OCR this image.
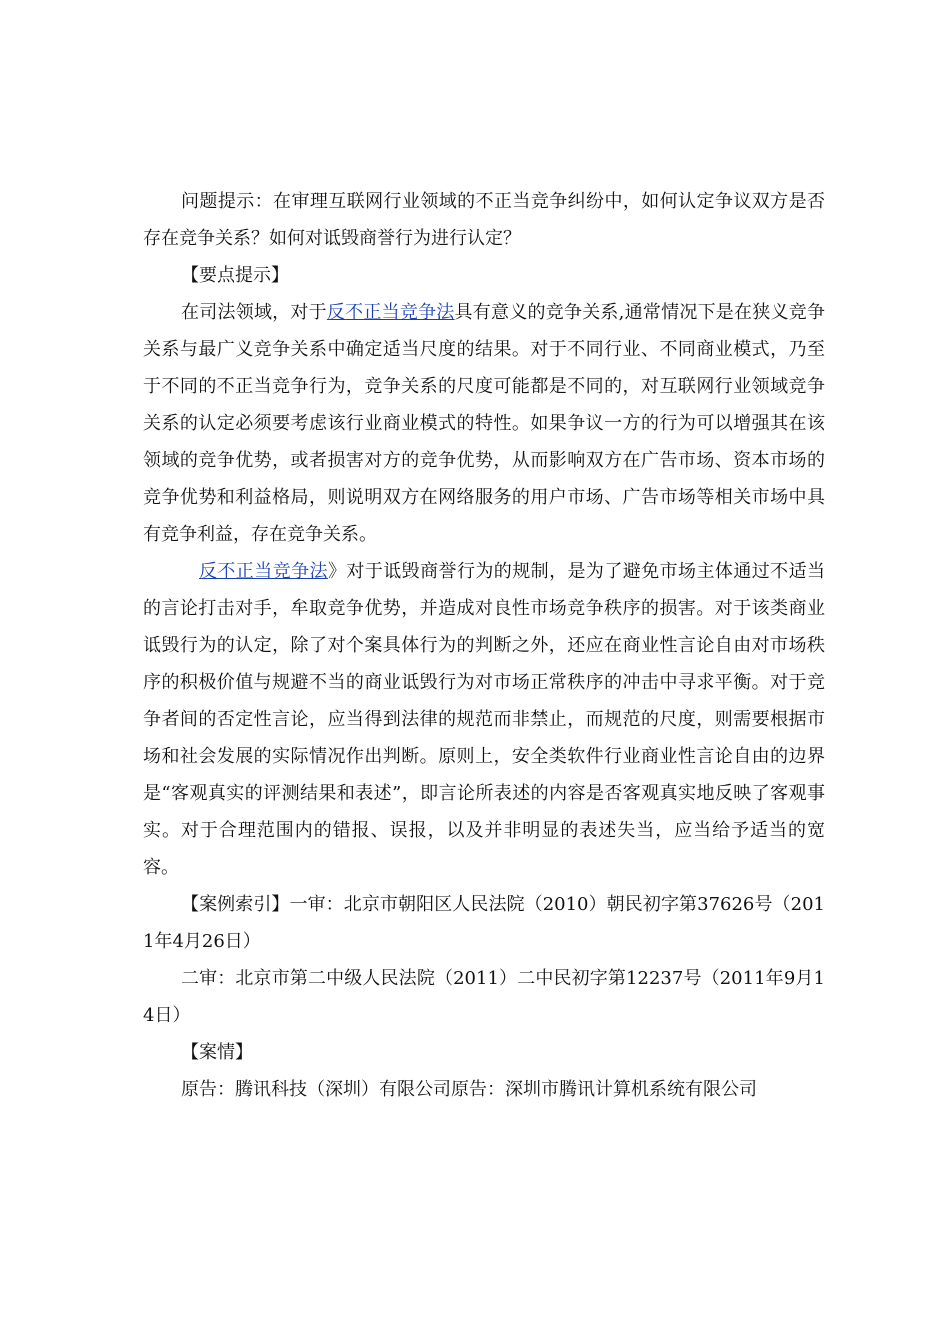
问题提示：在审理互联网行业领域的不正当竞争纠纷中，如何认定争议双方是否存在竞争关系？如何对诋毁商誉行为进行认定？

【要点提示】

在司法领域，对于反不正当竞争法具有意义的竞争关系,通常情况下是在狭义竞争关系与最广义竞争关系中确定适当尺度的结果。对于不同行业、不同商业模式，乃至于不同的不正当竞争行为，竞争关系的尺度可能都是不同的，对互联网行业领域竞争关系的认定必须要考虑该行业商业模式的特性。如果争议一方的行为可以增强其在该领域的竞争优势，或者损害对方的竞争优势，从而影响双方在广告市场、资本市场的竞争优势和利益格局，则说明双方在网络服务的用户市场、广告市场等相关市场中具有竞争利益，存在竞争关系。

反不正当竞争法》对于诋毁商誉行为的规制，是为了避免市场主体通过不适当的言论打击对手，牟取竞争优势，并造成对良性市场竞争秩序的损害。对于该类商业诋毁行为的认定，除了对个案具体行为的判断之外，还应在商业性言论自由对市场秩序的积极价值与规避不当的商业诋毁行为对市场正常秩序的冲击中寻求平衡。对于竞争者间的否定性言论，应当得到法律的规范而非禁止，而规范的尺度，则需要根据市场和社会发展的实际情况作出判断。原则上，安全类软件行业商业性言论自由的边界是“客观真实的评测结果和表述”，即言论所表述的内容是否客观真实地反映了客观事实。对于合理范围内的错报、误报，以及并非明显的表述失当，应当给予适当的宽容。

【案例索引】一审：北京市朝阳区人民法院（2010）朝民初字第37626号（2011年4月26日）

二审：北京市第二中级人民法院（2011）二中民初字第12237号（2011年9月14日）

【案情】

原告：腾讯科技（深圳）有限公司原告：深圳市腾讯计算机系统有限公司
